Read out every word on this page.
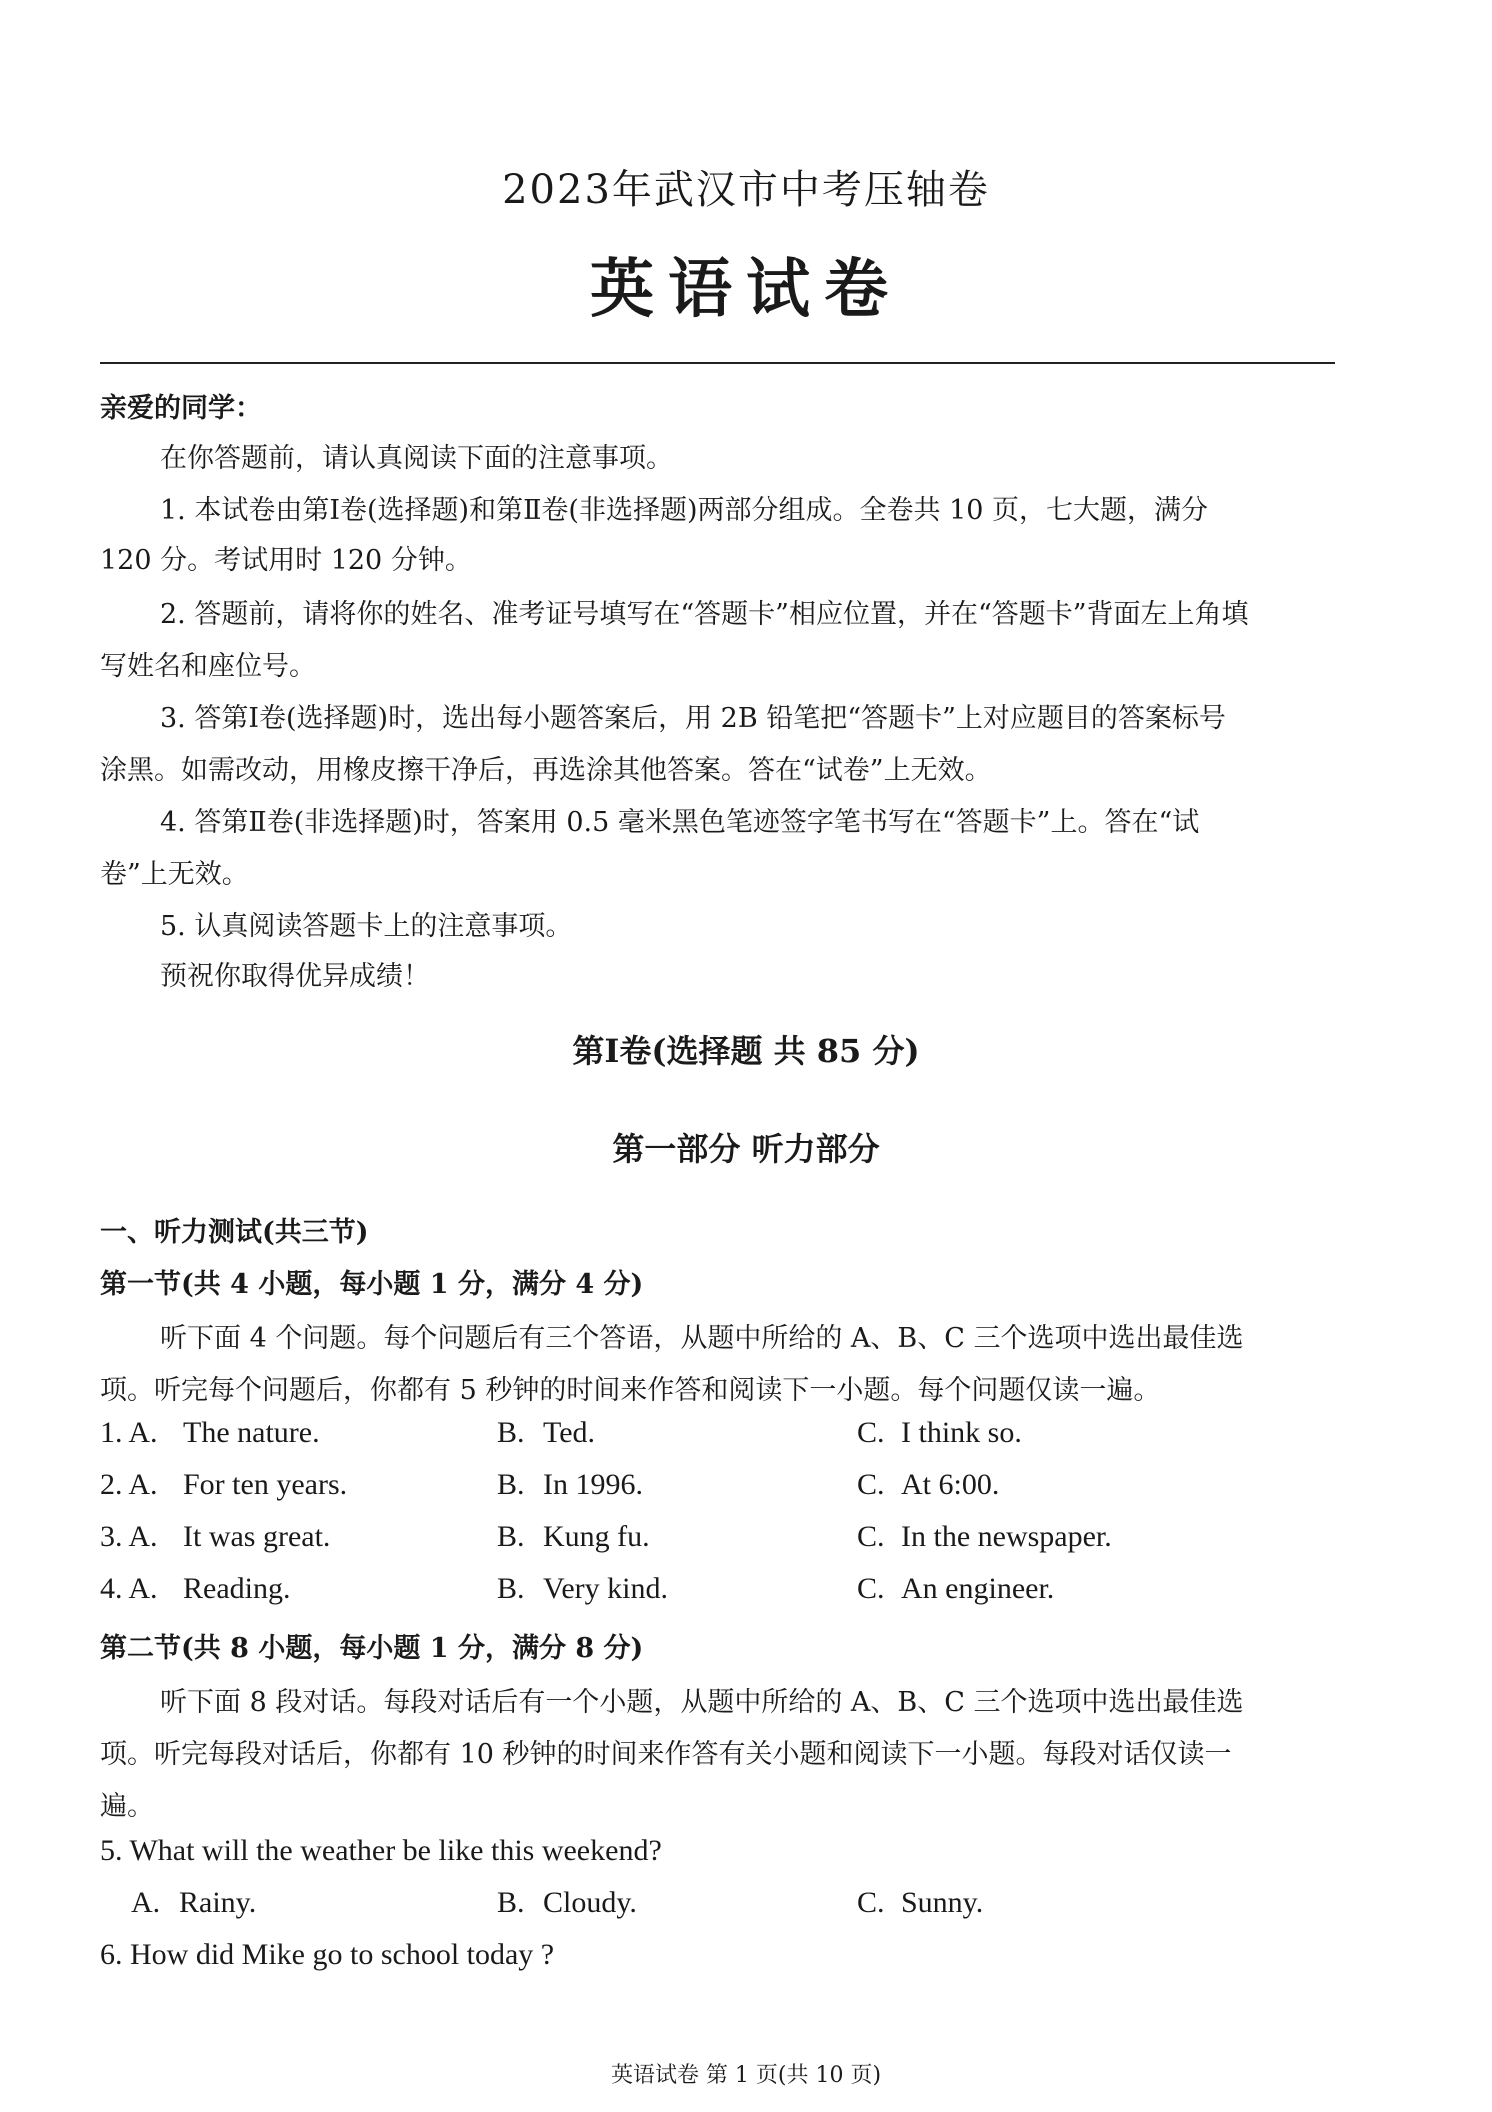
2023年武汉市中考压轴卷
英语试卷
亲爱的同学：
在你答题前，请认真阅读下面的注意事项。
1. 本试卷由第Ⅰ卷(选择题)和第Ⅱ卷(非选择题)两部分组成。全卷共 10 页，七大题，满分
120 分。考试用时 120 分钟。
2. 答题前，请将你的姓名、准考证号填写在“答题卡”相应位置，并在“答题卡”背面左上角填
写姓名和座位号。
3. 答第Ⅰ卷(选择题)时，选出每小题答案后，用 2B 铅笔把“答题卡”上对应题目的答案标号
涂黑。如需改动，用橡皮擦干净后，再选涂其他答案。答在“试卷”上无效。
4. 答第Ⅱ卷(非选择题)时，答案用 0.5 毫米黑色笔迹签字笔书写在“答题卡”上。答在“试
卷”上无效。
5. 认真阅读答题卡上的注意事项。
预祝你取得优异成绩！
第Ⅰ卷(选择题 共 85 分)
第一部分 听力部分
一、听力测试(共三节)
第一节(共 4 小题，每小题 1 分，满分 4 分)
听下面 4 个问题。每个问题后有三个答语，从题中所给的 A、B、C 三个选项中选出最佳选
项。听完每个问题后，你都有 5 秒钟的时间来作答和阅读下一小题。每个问题仅读一遍。
1. A. The nature.	B. Ted.	C. I think so.
2. A. For ten years.	B. In 1996.	C. At 6:00.
3. A. It was great.	B. Kung fu.	C. In the newspaper.
4. A. Reading.	B. Very kind.	C. An engineer.
第二节(共 8 小题，每小题 1 分，满分 8 分)
听下面 8 段对话。每段对话后有一个小题，从题中所给的 A、B、C 三个选项中选出最佳选
项。听完每段对话后，你都有 10 秒钟的时间来作答有关小题和阅读下一小题。每段对话仅读一
遍。
5. What will the weather be like this weekend?
A. Rainy.	B. Cloudy.	C. Sunny.
6. How did Mike go to school today ?
英语试卷 第 1 页(共 10 页)
